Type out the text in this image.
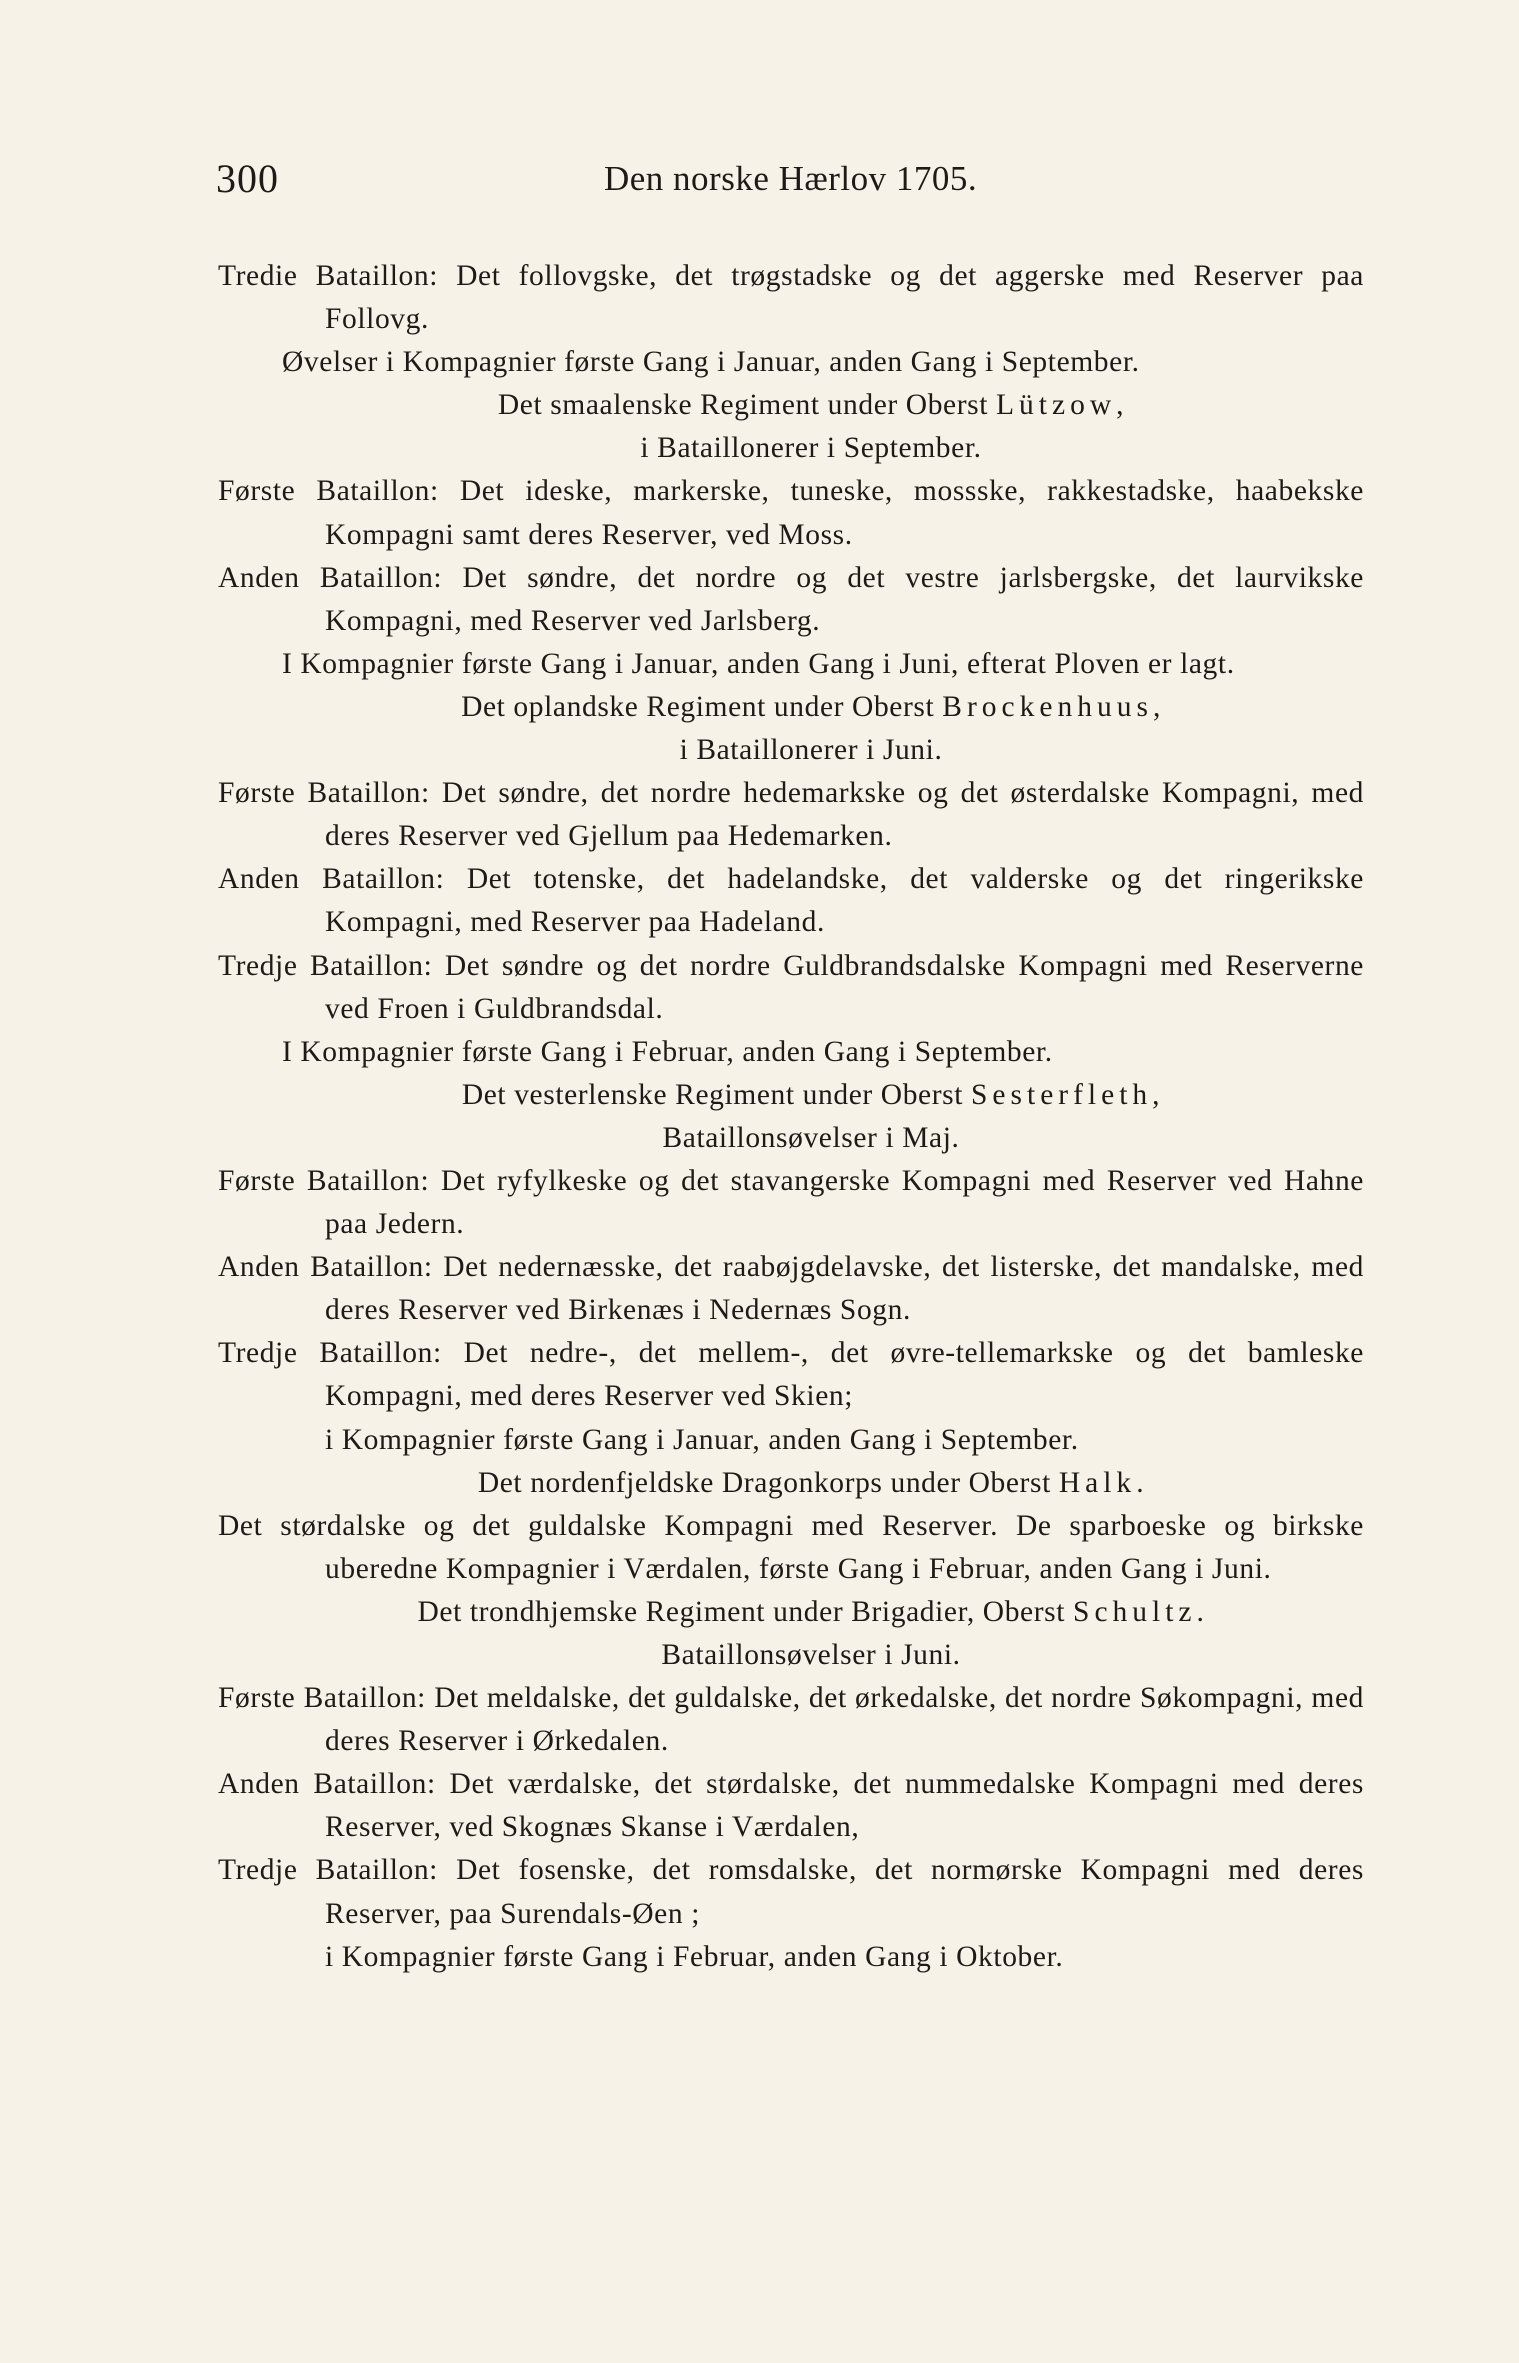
300	Den norske Hærlov 1705.
Tredie Bataillon: Det follovgske, det trøgstadske og det aggerske med Reserver paa Follovg.
Øvelser i Kompagnier første Gang i Januar, anden Gang i September.
Det smaalenske Regiment under Oberst Lützow,
i Bataillonerer i September.
Første Bataillon: Det ideske, markerske, tuneske, mossske, rakkestadske, haabekske Kompagni samt deres Reserver, ved Moss.
Anden Bataillon: Det søndre, det nordre og det vestre jarlsbergske, det laurvikske Kompagni, med Reserver ved Jarlsberg.
I Kompagnier første Gang i Januar, anden Gang i Juni, efterat Ploven er lagt.
Det oplandske Regiment under Oberst Brockenhuus,
i Bataillonerer i Juni.
Første Bataillon: Det søndre, det nordre hedemarkske og det østerdalske Kompagni, med deres Reserver ved Gjellum paa Hedemarken.
Anden Bataillon: Det totenske, det hadelandske, det valderske og det ringerikske Kompagni, med Reserver paa Hadeland.
Tredje Bataillon: Det søndre og det nordre Guldbrandsdalske Kompagni med Reserverne ved Froen i Guldbrandsdal.
I Kompagnier første Gang i Februar, anden Gang i September.
Det vesterlenske Regiment under Oberst Sesterfleth,
Bataillonsøvelser i Maj.
Første Bataillon: Det ryfylkeske og det stavangerske Kompagni med Reserver ved Hahne paa Jedern.
Anden Bataillon: Det nedernæsske, det raabøjgdelavske, det listerske, det mandalske, med deres Reserver ved Birkenæs i Nedernæs Sogn.
Tredje Bataillon: Det nedre-, det mellem-, det øvre-tellemarkske og det bamleske Kompagni, med deres Reserver ved Skien;
i Kompagnier første Gang i Januar, anden Gang i September.
Det nordenfjeldske Dragonkorps under Oberst Halk.
Det størdalske og det guldalske Kompagni med Reserver. De sparboeske og birkske uberedne Kompagnier i Værdalen, første Gang i Februar, anden Gang i Juni.
Det trondhjemske Regiment under Brigadier, Oberst Schultz.
Bataillonsøvelser i Juni.
Første Bataillon: Det meldalske, det guldalske, det ørkedalske, det nordre Søkompagni, med deres Reserver i Ørkedalen.
Anden Bataillon: Det værdalske, det størdalske, det nummedalske Kompagni med deres Reserver, ved Skognæs Skanse i Værdalen,
Tredje Bataillon: Det fosenske, det romsdalske, det normørske Kompagni med deres Reserver, paa Surendals-Øen ;
i Kompagnier første Gang i Februar, anden Gang i Oktober.
